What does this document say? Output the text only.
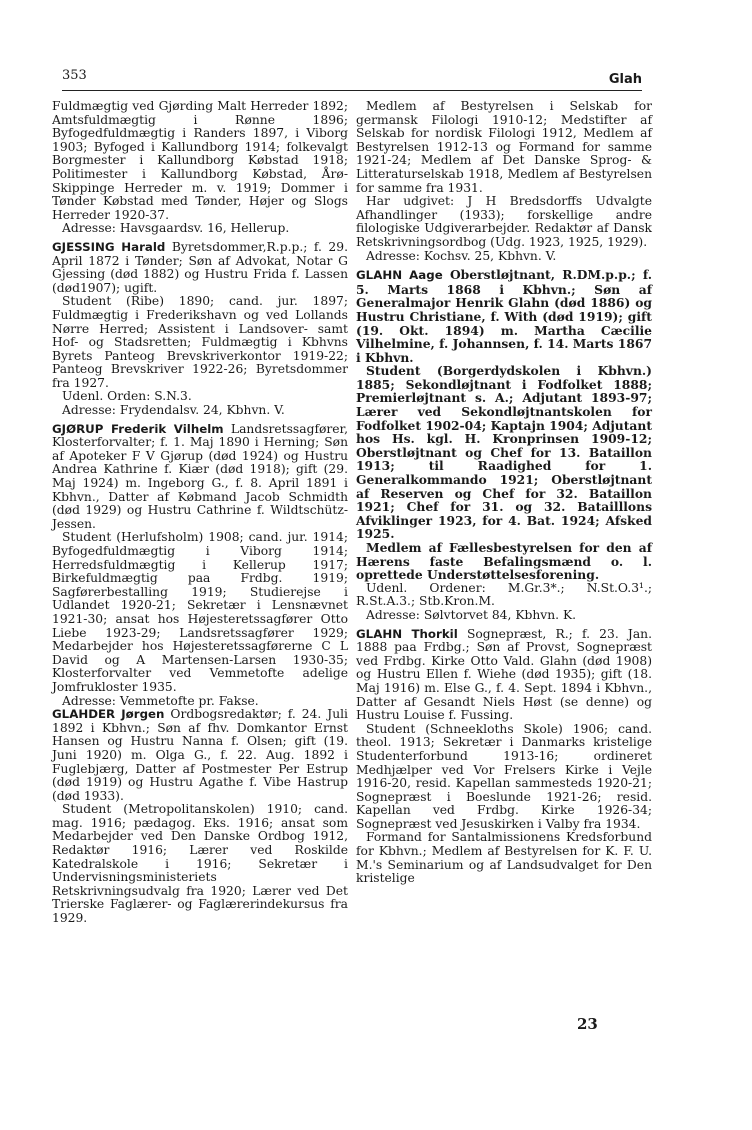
353	Glah

Fuldmægtig ved Gjørding Malt Herreder 1892; Amtsfuldmægtig i Rønne 1896; Byfogedfuldmægtig i Randers 1897, i Viborg 1903; Byfoged i Kallundborg 1914; folkevalgt Borgmester i Kallundborg Købstad 1918; Politimester i Kallundborg Købstad, Årø-Skippinge Herreder m. v. 1919; Dommer i Tønder Købstad med Tønder, Højer og Slogs Herreder 1920-37.

Adresse: Havsgaardsv. 16, Hellerup.

GJESSING Harald Byretsdommer,R.p.p.; f. 29. April 1872 i Tønder; Søn af Advokat, Notar G Gjessing (død 1882) og Hustru Frida f. Lassen (død1907); ugift.

Student (Ribe) 1890; cand. jur. 1897; Fuldmægtig i Frederikshavn og ved Lollands Nørre Herred; Assistent i Landsover- samt Hof- og Stadsretten; Fuldmægtig i Kbhvns Byrets Panteog Brevskriverkontor 1919-22; Panteog Brevskriver 1922-26; Byretsdommer fra 1927.

Udenl. Orden: S.N.3.

Adresse: Frydendalsv. 24, Kbhvn. V.

GJØRUP Frederik Vilhelm Landsretssagfører, Klosterforvalter; f. 1. Maj 1890 i Herning; Søn af Apoteker F V Gjørup (død 1924) og Hustru Andrea Kathrine f. Kiær (død 1918); gift (29. Maj 1924) m. Ingeborg G., f. 8. April 1891 i Kbhvn., Datter af Købmand Jacob Schmidth (død 1929) og Hustru Cathrine f. Wildtschütz-Jessen.

Student (Herlufsholm) 1908; cand. jur. 1914; Byfogedfuldmægtig i Viborg 1914; Herredsfuldmægtig i Kellerup 1917; Birkefuldmægtig paa Frdbg. 1919; Sagførerbestalling 1919; Studierejse i Udlandet 1920-21; Sekretær i Lensnævnet 1921-30; ansat hos Højesteretssagfører Otto Liebe 1923-29; Landsretssagfører 1929; Medarbejder hos Højesteretssagførerne C L David og A Martensen-Larsen 1930-35; Klosterforvalter ved Vemmetofte adelige Jomfrukloster 1935.

Adresse: Vemmetofte pr. Fakse.

GLAHDER Jørgen Ordbogsredaktør; f. 24. Juli 1892 i Kbhvn.; Søn af fhv. Domkantor Ernst Hansen og Hustru Nanna f. Olsen; gift (19. Juni 1920) m. Olga G., f. 22. Aug. 1892 i Fuglebjærg, Datter af Postmester Per Estrup (død 1919) og Hustru Agathe f. Vibe Hastrup (død 1933).

Student (Metropolitanskolen) 1910; cand. mag. 1916; pædagog. Eks. 1916; ansat som Medarbejder ved Den Danske Ordbog 1912, Redaktør 1916; Lærer ved Roskilde Katedralskole i 1916; Sekretær i Undervisningsministeriets Retskrivningsudvalg fra 1920; Lærer ved Det Trierske Faglærer- og Faglærerindekursus fra 1929.

Medlem af Bestyrelsen i Selskab for germansk Filologi 1910-12; Medstifter af Selskab for nordisk Filologi 1912, Medlem af Bestyrelsen 1912-13 og Formand for samme 1921-24; Medlem af Det Danske Sprog- & Litteraturselskab 1918, Medlem af Bestyrelsen for samme fra 1931.

Har udgivet: J H Bredsdorffs Udvalgte Afhandlinger (1933); forskellige andre filologiske Udgiverarbejder. Redaktør af Dansk Retskrivningsordbog (Udg. 1923, 1925, 1929).

Adresse: Kochsv. 25, Kbhvn. V.

GLAHN Aage Oberstløjtnant, R.DM.p.p.; f. 5. Marts 1868 i Kbhvn.; Søn af Generalmajor Henrik Glahn (død 1886) og Hustru Christiane, f. With (død 1919); gift (19. Okt. 1894) m. Martha Cæcilie Vilhelmine, f. Johannsen, f. 14. Marts 1867 i Kbhvn.

Student (Borgerdydskolen i Kbhvn.) 1885; Sekondløjtnant i Fodfolket 1888; Premierløjtnant s. A.; Adjutant 1893-97; Lærer ved Sekondløjtnantskolen for Fodfolket 1902-04; Kaptajn 1904; Adjutant hos Hs. kgl. H. Kronprinsen 1909-12; Oberstløjtnant og Chef for 13. Bataillon 1913; til Raadighed for 1. Generalkommando 1921; Oberstløjtnant af Reserven og Chef for 32. Bataillon 1921; Chef for 31. og 32. Batailllons Afviklinger 1923, for 4. Bat. 1924; Afsked 1925.

Medlem af Fællesbestyrelsen for den af Hærens faste Befalingsmænd o. l. oprettede Understøttelsesforening.

Udenl. Ordener: M.Gr.3*.; N.St.O.3¹.; R.St.A.3.; Stb.Kron.M.

Adresse: Sølvtorvet 84, Kbhvn. K.

GLAHN Thorkil Sognepræst, R.; f. 23. Jan. 1888 paa Frdbg.; Søn af Provst, Sognepræst ved Frdbg. Kirke Otto Vald. Glahn (død 1908) og Hustru Ellen f. Wiehe (død 1935); gift (18. Maj 1916) m. Else G., f. 4. Sept. 1894 i Kbhvn., Datter af Gesandt Niels Høst (se denne) og Hustru Louise f. Fussing.

Student (Schneekloths Skole) 1906; cand. theol. 1913; Sekretær i Danmarks kristelige Studenterforbund 1913-16; ordineret Medhjælper ved Vor Frelsers Kirke i Vejle 1916-20, resid. Kapellan sammesteds 1920-21; Sognepræst i Boeslunde 1921-26; resid. Kapellan ved Frdbg. Kirke 1926-34; Sognepræst ved Jesuskirken i Valby fra 1934.

Formand for Santalmissionens Kredsforbund for Kbhvn.; Medlem af Bestyrelsen for K. F. U. M.'s Seminarium og af Landsudvalget for Den kristelige

23
